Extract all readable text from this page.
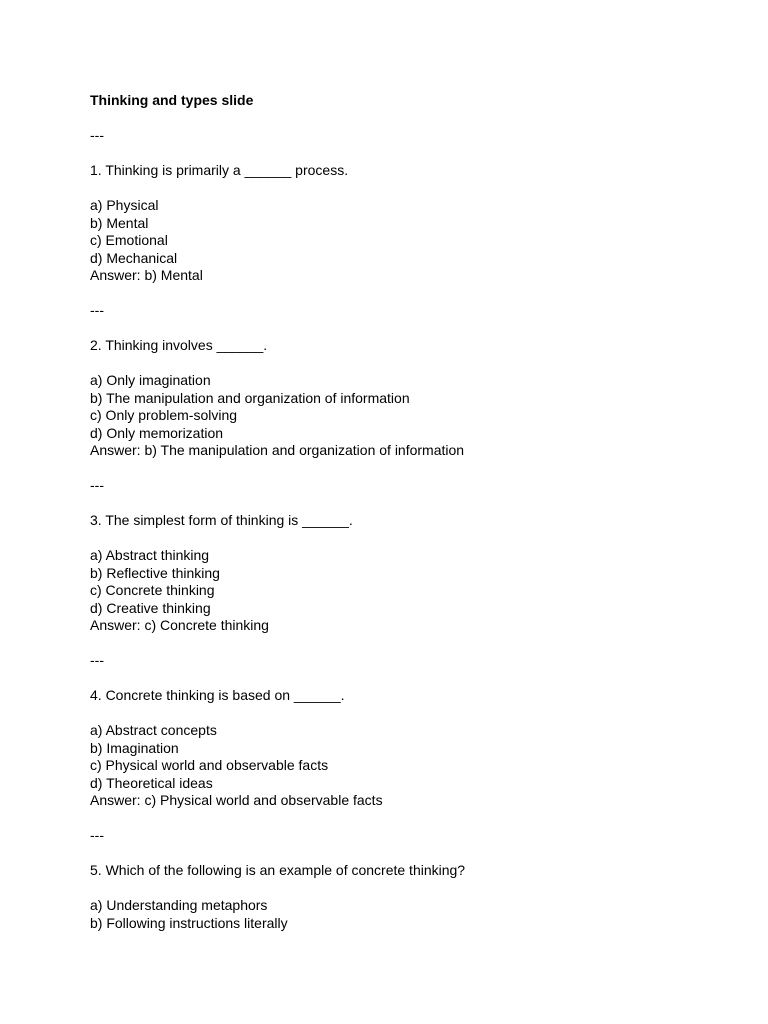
Thinking and types slide

---

1. Thinking is primarily a ______ process.

a) Physical

b) Mental

c) Emotional

d) Mechanical

Answer: b) Mental

---

2. Thinking involves ______.

a) Only imagination

b) The manipulation and organization of information

c) Only problem-solving

d) Only memorization

Answer: b) The manipulation and organization of information

---

3. The simplest form of thinking is ______.

a) Abstract thinking

b) Reflective thinking

c) Concrete thinking

d) Creative thinking

Answer: c) Concrete thinking

---

4. Concrete thinking is based on ______.

a) Abstract concepts

b) Imagination

c) Physical world and observable facts

d) Theoretical ideas

Answer: c) Physical world and observable facts

---

5. Which of the following is an example of concrete thinking?

a) Understanding metaphors

b) Following instructions literally
